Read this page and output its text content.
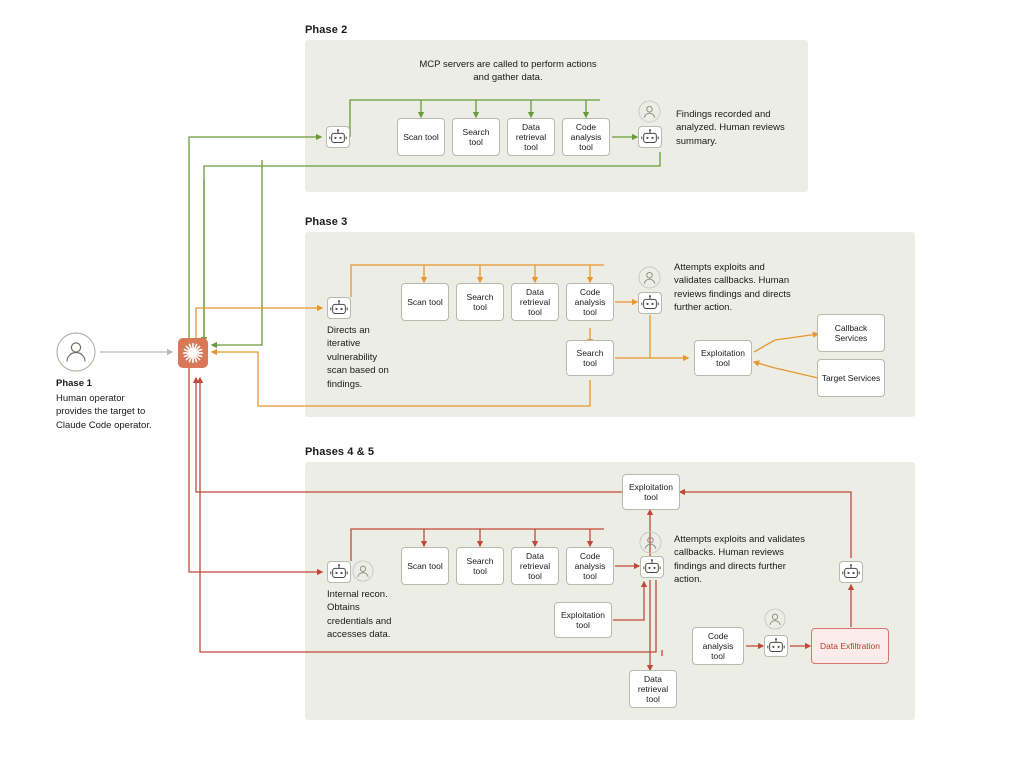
Phase 2
Phase 3
Phases 4 & 5
Phase 1
Human operator provides the target to Claude Code operator.
MCP servers are called to perform actions and gather data.
Scan tool	Search tool
Data retrieval tool
Code analysis tool
Findings recorded and analyzed. Human reviews summary.
Directs an iterative vulnerability scan based on findings.
Scan tool	Search tool
Data retrieval tool
Code analysis tool
Attempts exploits and validates callbacks. Human reviews findings and directs further action.
Search tool
Exploitation tool
Callback Services
Target Services
Internal recon. Obtains credentials and accesses data.
Scan tool	Search tool
Data retrieval tool
Code analysis tool
Attempts exploits and validates callbacks. Human reviews findings and directs further action.
Exploitation tool
Exploitation tool
Data retrieval tool
Code analysis tool
Data Exfiltration
